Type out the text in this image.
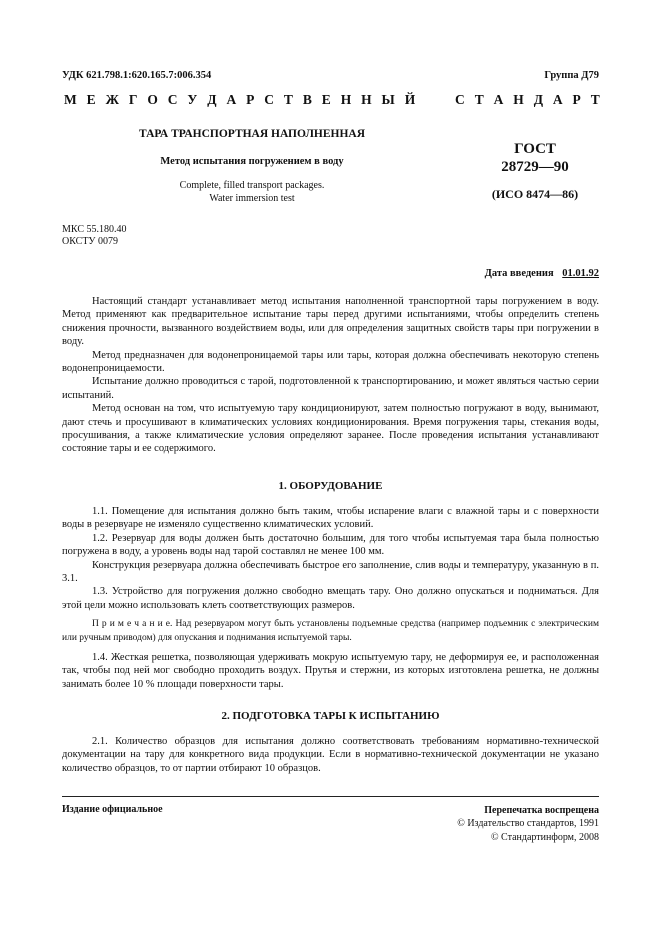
УДК 621.798.1:620.165.7:006.354	Группа Д79
М Е Ж Г О С У Д А Р С Т В Е Н Н Ы Й	С Т А Н Д А Р Т
ТАРА ТРАНСПОРТНАЯ НАПОЛНЕННАЯ
Метод испытания погружением в воду
Complete, filled transport packages.
Water immersion test
ГОСТ
28729—90
(ИСО 8474—86)
МКС 55.180.40
ОКСТУ 0079
Дата введения 01.01.92

Настоящий стандарт устанавливает метод испытания наполненной транспортной тары погружением в воду. Метод применяют как предварительное испытание тары перед другими испытаниями, чтобы определить степень снижения прочности, вызванного воздействием воды, или для определения защитных свойств тары при погружении в воду.

Метод предназначен для водонепроницаемой тары или тары, которая должна обеспечивать некоторую степень водонепроницаемости.

Испытание должно проводиться с тарой, подготовленной к транспортированию, и может являться частью серии испытаний.

Метод основан на том, что испытуемую тару кондиционируют, затем полностью погружают в воду, вынимают, дают стечь и просушивают в климатических условиях кондиционирования. Время погружения тары, стекания воды, просушивания, а также климатические условия определяют заранее. После проведения испытания устанавливают состояние тары и ее содержимого.

1. ОБОРУДОВАНИЕ

1.1. Помещение для испытания должно быть таким, чтобы испарение влаги с влажной тары и с поверхности воды в резервуаре не изменяло существенно климатических условий.

1.2. Резервуар для воды должен быть достаточно большим, для того чтобы испытуемая тара была полностью погружена в воду, а уровень воды над тарой составлял не менее 100 мм.

Конструкция резервуара должна обеспечивать быстрое его заполнение, слив воды и температуру, указанную в п. 3.1.

1.3. Устройство для погружения должно свободно вмещать тару. Оно должно опускаться и подниматься. Для этой цели можно использовать клеть соответствующих размеров.

П р и м е ч а н и е. Над резервуаром могут быть установлены подъемные средства (например подъемник с электрическим или ручным приводом) для опускания и поднимания испытуемой тары.

1.4. Жесткая решетка, позволяющая удерживать мокрую испытуемую тару, не деформируя ее, и расположенная так, чтобы под ней мог свободно проходить воздух. Прутья и стержни, из которых изготовлена решетка, не должны занимать более 10 % площади поверхности тары.

2. ПОДГОТОВКА ТАРЫ К ИСПЫТАНИЮ

2.1. Количество образцов для испытания должно соответствовать требованиям нормативно-технической документации на тару для конкретного вида продукции. Если в нормативно-технической документации не указано количество образцов, то от партии отбирают 10 образцов.

Издание официальное	Перепечатка воспрещена
© Издательство стандартов, 1991
© Стандартинформ, 2008
